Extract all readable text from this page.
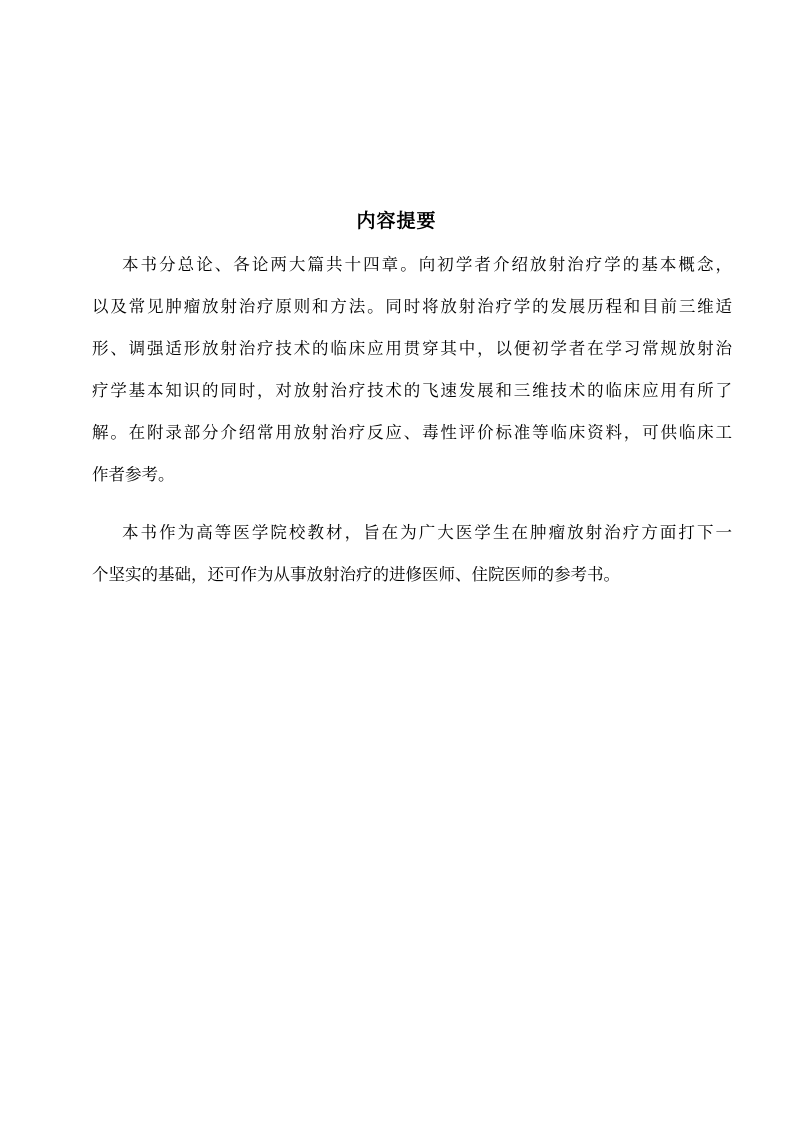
内容提要
本书分总论、各论两大篇共十四章。向初学者介绍放射治疗学的基本概念，
以及常见肿瘤放射治疗原则和方法。同时将放射治疗学的发展历程和目前三维适
形、调强适形放射治疗技术的临床应用贯穿其中，以便初学者在学习常规放射治
疗学基本知识的同时，对放射治疗技术的飞速发展和三维技术的临床应用有所了
解。在附录部分介绍常用放射治疗反应、毒性评价标准等临床资料，可供临床工
作者参考。
本书作为高等医学院校教材，旨在为广大医学生在肿瘤放射治疗方面打下一
个坚实的基础，还可作为从事放射治疗的进修医师、住院医师的参考书。
